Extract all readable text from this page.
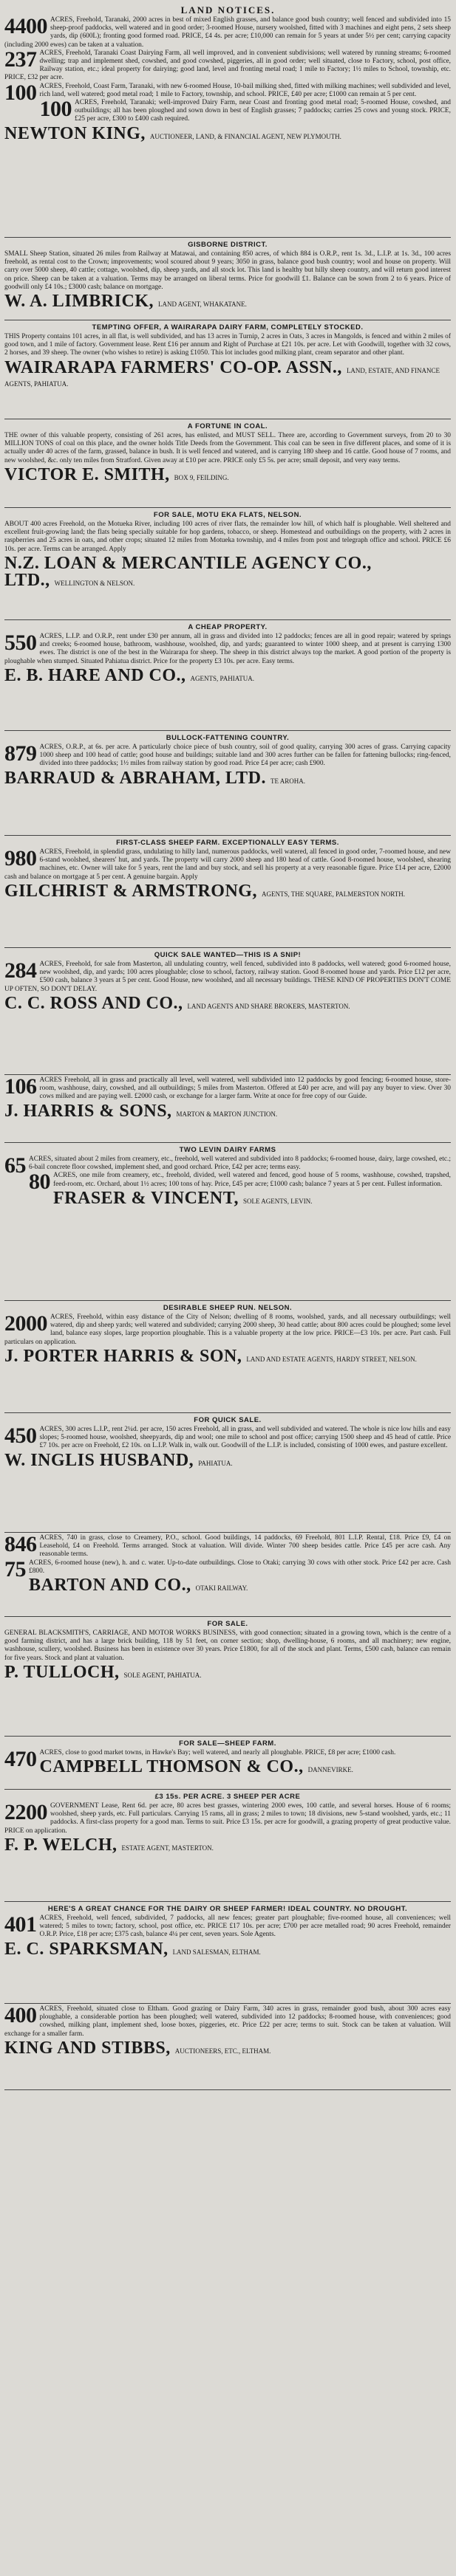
LAND NOTICES.

4400 ACRES, Freehold, Taranaki, 2000 acres in best of mixed English grasses, and balance good bush country; well fenced and subdivided into 15 sheep-proof paddocks, well watered and in good order; 3-roomed House, nursery woolshed, fitted with 3 machines and eight pens, 2 sets sheep yards, dip (600L); fronting good formed road. PRICE, £4 4s. per acre; £10,000 can remain for 5 years at under 5½ per cent; carrying capacity (including 2000 ewes) can be taken at a valuation.

237 ACRES, Freehold, Taranaki Coast Dairying Farm, all well improved, and in convenient subdivisions; well watered by running streams; 6-roomed dwelling; trap and implement shed, cowshed, and good cowshed, piggeries, all in good order; well situated, close to Factory, school, post office, Railway station, etc.; ideal property for dairying; good land, level and fronting metal road; 1 mile to Factory; 1½ miles to School, township, etc. PRICE, £32 per acre.

100 ACRES, Freehold, Coast Farm, Taranaki, with new 6-roomed House, 10-bail milking shed, fitted with milking machines; well subdivided and level, rich land, well watered; good metal road; 1 mile to Factory, township, and school. PRICE, £40 per acre; £1000 can remain at 5 per cent.

100 ACRES, Freehold, Taranaki; well-improved Dairy Farm, near Coast and fronting good metal road; 5-roomed House, cowshed, and outbuildings; all has been ploughed and sown down in best of English grasses; 7 paddocks; carries 25 cows and young stock. PRICE, £25 per acre, £300 to £400 cash required.

NEWTON KING, AUCTIONEER, LAND, & FINANCIAL AGENT, NEW PLYMOUTH.
GISBORNE DISTRICT.

SMALL Sheep Station, situated 26 miles from Railway at Matawai, and containing 850 acres, of which 884 is O.R.P., rent 1s. 3d., L.I.P. at 1s. 3d., 100 acres freehold, as rental cost to the Crown; improvements; wool scoured about 9 years; 3050 in grass, balance good bush country; wool and house on property. Will carry over 5000 sheep, 40 cattle; cottage, woolshed, dip, sheep yards, and all stock lot. This land is healthy but hilly sheep country, and will return good interest on price. Sheep can be taken at a valuation. Terms may be arranged on liberal terms. Price for goodwill £1. Balance can be sown from 2 to 6 years. Price of goodwill only £4 10s.; £3000 cash; balance on mortgage.

W. A. LIMBRICK, LAND AGENT, WHAKATANE.
TEMPTING OFFER, A WAIRARAPA DAIRY FARM, COMPLETELY STOCKED.

THIS Property contains 101 acres, in all flat, is well subdivided, and has 13 acres in Turnip, 2 acres in Oats, 3 acres in Mangolds, is fenced and within 2 miles of good town, and 1 mile of factory. Government lease. Rent £16 per annum and Right of Purchase at £21 10s. per acre. Let with Goodwill, together with 32 cows, 2 horses, and 39 sheep. The owner (who wishes to retire) is asking £1050. This lot includes good milking plant, cream separator and other plant.

WAIRARAPA FARMERS' CO-OP. ASSN., LAND, ESTATE, AND FINANCE AGENTS, PAHIATUA.
A FORTUNE IN COAL.

THE owner of this valuable property, consisting of 261 acres, has enlisted, and MUST SELL. There are, according to Government surveys, from 20 to 30 MILLION TONS of coal on this place, and the owner holds Title Deeds from the Government. This coal can be seen in five different places, and some of it is actually under 40 acres of the farm, grassed, balance in bush. It is well fenced and watered, and is carrying 180 sheep and 16 cattle. Good house of 7 rooms, and new woolshed, &c. only ten miles from Stratford. Given away at £10 per acre. PRICE only £5 5s. per acre; small deposit, and very easy terms.

VICTOR E. SMITH, BOX 9, FEILDING.
FOR SALE, MOTU EKA FLATS, NELSON.

ABOUT 400 acres Freehold, on the Motueka River, including 100 acres of river flats, the remainder low hill, of which half is ploughable. Well sheltered and excellent fruit-growing land; the flats being specially suitable for hop gardens, tobacco, or sheep. Homestead and outbuildings on the property, with 2 acres in raspberries and 25 acres in oats, and other crops; situated 12 miles from Motueka township, and 4 miles from post and telegraph office and school. PRICE £6 10s. per acre. Terms can be arranged. Apply

N.Z. LOAN & MERCANTILE AGENCY CO., LTD., WELLINGTON & NELSON.
A CHEAP PROPERTY.

550 ACRES, L.I.P. and O.R.P., rent under £30 per annum, all in grass and divided into 12 paddocks; fences are all in good repair; watered by springs and creeks; 6-roomed house, bathroom, washhouse, woolshed, dip, and yards; guaranteed to winter 1000 sheep, and at present is carrying 1300 ewes. The district is one of the best in the Wairarapa for sheep. The sheep in this district always top the market. A good portion of the property is ploughable when stumped. Situated Pahiatua district. Price for the property £3 10s. per acre. Easy terms.

E. B. HARE AND CO., AGENTS, PAHIATUA.
BULLOCK-FATTENING COUNTRY.

879 ACRES, O.R.P., at 6s. per acre. A particularly choice piece of bush country, soil of good quality, carrying 300 acres of grass. Carrying capacity 1000 sheep and 100 head of cattle; good house and buildings; suitable land and 300 acres further can be fallen for fattening bullocks; ring-fenced, divided into three paddocks; 1½ miles from railway station by good road. Price £4 per acre; cash £900.

BARRAUD & ABRAHAM, LTD. TE AROHA.
FIRST-CLASS SHEEP FARM. EXCEPTIONALLY EASY TERMS.

980 ACRES, Freehold, in splendid grass, undulating to hilly land, numerous paddocks, well watered, all fenced in good order, 7-roomed house, and new 6-stand woolshed, shearers' hut, and yards. The property will carry 2000 sheep and 180 head of cattle. Good 8-roomed house, woolshed, shearing machines, etc. Owner will take for 5 years, rent the land and buy stock, and sell his property at a very reasonable figure. Price £14 per acre, £2000 cash and balance on mortgage at 5 per cent. A genuine bargain. Apply

GILCHRIST & ARMSTRONG, AGENTS, THE SQUARE, PALMERSTON NORTH.
QUICK SALE WANTED—THIS IS A SNIP!

284 ACRES, Freehold, for sale from Masterton, all undulating country, well fenced, subdivided into 8 paddocks, well watered; good 6-roomed house, new woolshed, dip, and yards; 100 acres ploughable; close to school, factory, railway station. Good 8-roomed house and yards. Price £12 per acre, £500 cash, balance 3 years at 5 per cent. Good House, new woolshed, and all necessary buildings. THESE KIND OF PROPERTIES DON'T COME UP OFTEN, SO DON'T DELAY.

C. C. ROSS AND CO., LAND AGENTS AND SHARE BROKERS, MASTERTON.

106 ACRES Freehold, all in grass and practically all level, well watered, well subdivided into 12 paddocks by good fencing; 6-roomed house, store-room, washhouse, dairy, cowshed, and all outbuildings; 5 miles from Masterton. Offered at £40 per acre, and will pay any buyer to view. Over 30 cows milked and are paying well. £2000 cash, or exchange for a larger farm. Write at once for free copy of our Guide.

J. HARRIS & SONS, MARTON & MARTON JUNCTION.
TWO LEVIN DAIRY FARMS

65 ACRES, situated about 2 miles from creamery, etc., freehold, well watered and subdivided into 8 paddocks; 6-roomed house, dairy, large cowshed, etc.; 6-bail concrete floor cowshed, implement shed, and good orchard. Price, £42 per acre; terms easy.

80 ACRES, one mile from creamery, etc., freehold, divided, well watered and fenced, good house of 5 rooms, washhouse, cowshed, trapshed, feed-room, etc. Orchard, about 1½ acres; 100 tons of hay. Price, £45 per acre; £1000 cash; balance 7 years at 5 per cent. Fullest information.

FRASER & VINCENT, SOLE AGENTS, LEVIN.
DESIRABLE SHEEP RUN. NELSON.

2000 ACRES, Freehold, within easy distance of the City of Nelson; dwelling of 8 rooms, woolshed, yards, and all necessary outbuildings; well watered, dip and sheep yards; well watered and subdivided; carrying 2000 sheep, 30 head cattle; about 800 acres could be ploughed; some level land, balance easy slopes, large proportion ploughable. This is a valuable property at the low price. PRICE—£3 10s. per acre. Part cash. Full particulars on application.

J. PORTER HARRIS & SON, LAND AND ESTATE AGENTS, HARDY STREET, NELSON.
FOR QUICK SALE.

450 ACRES, 300 acres L.I.P., rent 2¼d. per acre, 150 acres Freehold, all in grass, and well subdivided and watered. The whole is nice low hills and easy slopes; 5-roomed house, woolshed, sheepyards, dip and wool; one mile to school and post office; carrying 1500 sheep and 45 head of cattle. Price £7 10s. per acre on Freehold, £2 10s. on L.I.P. Walk in, walk out. Goodwill of the L.I.P. is included, consisting of 1000 ewes, and pasture excellent.

W. INGLIS HUSBAND, PAHIATUA.

846 ACRES, 740 in grass, close to Creamery, P.O., school. Good buildings, 14 paddocks, 69 Freehold, 801 L.I.P. Rental, £18. Price £9, £4 on Leasehold, £4 on Freehold. Terms arranged. Stock at valuation. Will divide. Winter 700 sheep besides cattle. Price £45 per acre cash. Any reasonable terms.

75 ACRES, 6-roomed house (new), h. and c. water. Up-to-date outbuildings. Close to Otaki; carrying 30 cows with other stock. Price £42 per acre. Cash £800.

BARTON AND CO., OTAKI RAILWAY.
FOR SALE.

GENERAL BLACKSMITH'S, CARRIAGE, AND MOTOR WORKS BUSINESS, with good connection; situated in a growing town, which is the centre of a good farming district, and has a large brick building, 118 by 51 feet, on corner section; shop, dwelling-house, 6 rooms, and all machinery; new engine, washhouse, scullery, woolshed. Business has been in existence over 30 years. Price £1800, for all of the stock and plant. Terms, £500 cash, balance can remain for five years. Stock and plant at valuation.

P. TULLOCH, SOLE AGENT, PAHIATUA.
FOR SALE—SHEEP FARM.

470 ACRES, close to good market towns, in Hawke's Bay; well watered, and nearly all ploughable. PRICE, £8 per acre; £1000 cash.

CAMPBELL THOMSON & CO., DANNEVIRKE.
£3 15s. PER ACRE. 3 SHEEP PER ACRE

2200 GOVERNMENT Lease, Rent 6d. per acre, 80 acres best grasses, wintering 2000 ewes, 100 cattle, and several horses. House of 6 rooms; woolshed, sheep yards, etc. Full particulars. Carrying 15 rams, all in grass; 2 miles to town; 18 divisions, new 5-stand woolshed, yards, etc.; 11 paddocks. A first-class property for a good man. Terms to suit. Price £3 15s. per acre for goodwill, a grazing property of great productive value. PRICE on application.

F. P. WELCH, ESTATE AGENT, MASTERTON.
HERE'S A GREAT CHANCE FOR THE DAIRY OR SHEEP FARMER! IDEAL COUNTRY. NO DROUGHT.

401 ACRES, Freehold, well fenced, subdivided, 7 paddocks, all new fences; greater part ploughable; five-roomed house, all conveniences; well watered; 5 miles to town; factory, school, post office, etc. PRICE £17 10s. per acre; £700 per acre metalled road; 90 acres Freehold, remainder O.R.P. Price, £18 per acre; £375 cash, balance 4¼ per cent, seven years. Sole Agents.

E. C. SPARKSMAN, LAND SALESMAN, ELTHAM.

400 ACRES, Freehold, situated close to Eltham. Good grazing or Dairy Farm, 340 acres in grass, remainder good bush, about 300 acres easy ploughable, a considerable portion has been ploughed; well watered, subdivided into 12 paddocks; 8-roomed house, with conveniences; good cowshed, milking plant, implement shed, loose boxes, piggeries, etc. Price £22 per acre; terms to suit. Stock can be taken at valuation. Will exchange for a smaller farm.

KING AND STIBBS, AUCTIONEERS, ETC., ELTHAM.
